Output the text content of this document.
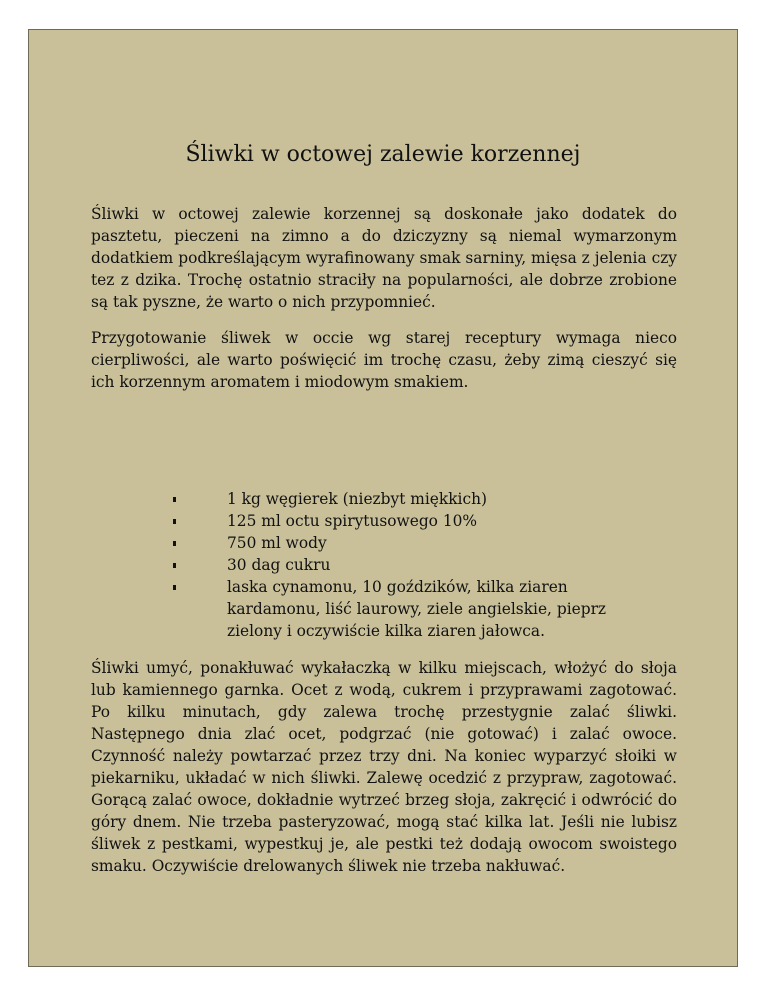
Śliwki w octowej zalewie korzennej

Śliwki w octowej zalewie korzennej są doskonałe jako dodatek do pasztetu, pieczeni na zimno a do dziczyzny są niemal wymarzonym dodatkiem podkreślającym wyrafinowany smak sarniny, mięsa z jelenia czy tez z dzika. Trochę ostatnio straciły na popularności, ale dobrze zrobione są tak pyszne, że warto o nich przypomnieć.

Przygotowanie śliwek w occie wg starej receptury wymaga nieco cierpliwości, ale warto poświęcić im trochę czasu, żeby zimą cieszyć się ich korzennym aromatem i miodowym smakiem.

1 kg węgierek (niezbyt miękkich)
125 ml octu spirytusowego 10%
750 ml wody
30 dag cukru
laska cynamonu, 10 goździków, kilka ziaren kardamonu, liść laurowy, ziele angielskie, pieprz zielony i oczywiście kilka ziaren jałowca.

Śliwki umyć, ponakłuwać wykałaczką w kilku miejscach, włożyć do słoja lub kamiennego garnka. Ocet z wodą, cukrem i przyprawami zagotować. Po kilku minutach, gdy zalewa trochę przestygnie zalać śliwki. Następnego dnia zlać ocet, podgrzać (nie gotować) i zalać owoce. Czynność należy powtarzać przez trzy dni. Na koniec wyparzyć słoiki w piekarniku, układać w nich śliwki. Zalewę ocedzić z przypraw, zagotować. Gorącą zalać owoce, dokładnie wytrzeć brzeg słoja, zakręcić i odwrócić do góry dnem. Nie trzeba pasteryzować, mogą stać kilka lat. Jeśli nie lubisz śliwek z pestkami, wypestkuj je, ale pestki też dodają owocom swoistego smaku. Oczywiście drelowanych śliwek nie trzeba nakłuwać.
